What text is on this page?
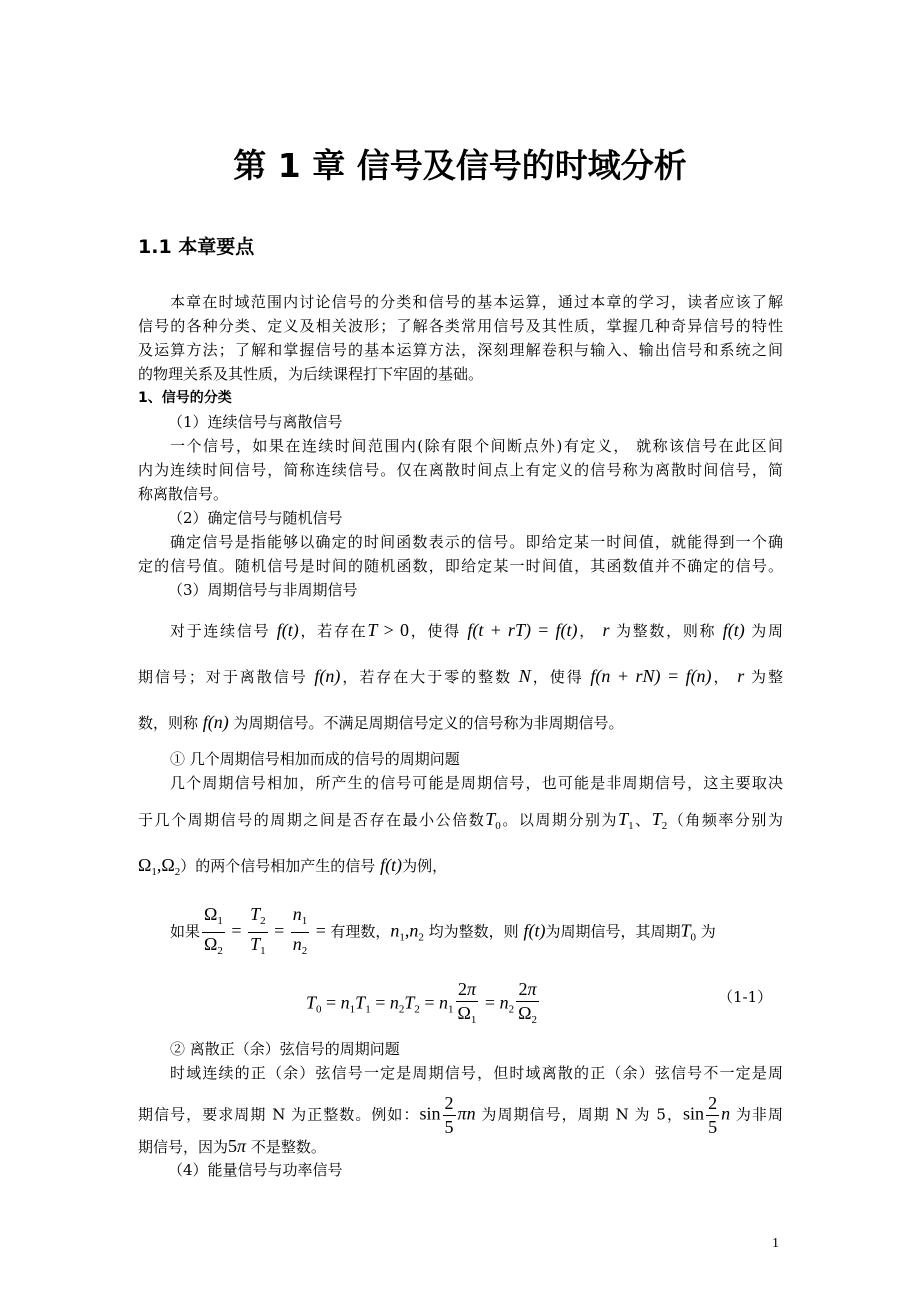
第 1 章 信号及信号的时域分析
1.1 本章要点
本章在时域范围内讨论信号的分类和信号的基本运算，通过本章的学习，读者应该了解
信号的各种分类、定义及相关波形；了解各类常用信号及其性质，掌握几种奇异信号的特性
及运算方法；了解和掌握信号的基本运算方法，深刻理解卷积与输入、输出信号和系统之间
的物理关系及其性质，为后续课程打下牢固的基础。
1、信号的分类
（1）连续信号与离散信号
一个信号，如果在连续时间范围内(除有限个间断点外)有定义， 就称该信号在此区间
内为连续时间信号，简称连续信号。仅在离散时间点上有定义的信号称为离散时间信号，简
称离散信号。
（2）确定信号与随机信号
确定信号是指能够以确定的时间函数表示的信号。即给定某一时间值，就能得到一个确
定的信号值。随机信号是时间的随机函数，即给定某一时间值，其函数值并不确定的信号。
（3）周期信号与非周期信号
对于连续信号 f(t)，若存在T > 0，使得 f(t + rT) = f(t)， r 为整数，则称 f(t) 为周
期信号；对于离散信号 f(n)，若存在大于零的整数 N，使得 f(n + rN) = f(n)， r 为整
数，则称 f(n) 为周期信号。不满足周期信号定义的信号称为非周期信号。
① 几个周期信号相加而成的信号的周期问题
几个周期信号相加，所产生的信号可能是周期信号，也可能是非周期信号，这主要取决
于几个周期信号的周期之间是否存在最小公倍数$T_0$。以周期分别为$T_1$、$T_2$（角频率分别为
$\Omega_1,\Omega_2$）的两个信号相加产生的信号 f(t)为例，
如果 $\frac{\Omega_1}{\Omega_2} = \frac{T_2}{T_1} = \frac{n_1}{n_2}$ = 有理数，$n_1,n_2$ 均为整数，则 f(t)为周期信号，其周期$T_0$ 为
$T_0 = n_1T_1 = n_2T_2 = n_1 \frac{2\pi}{\Omega_1} = n_2 \frac{2\pi}{\Omega_2}$	（1-1）
② 离散正（余）弦信号的周期问题
时域连续的正（余）弦信号一定是周期信号，但时域离散的正（余）弦信号不一定是周
期信号，要求周期 N 为正整数。例如：$\sin \frac{2}{5}$ πn 为周期信号，周期 N 为 5，$\sin \frac{2}{5}$ n 为非周
期信号，因为5π 不是整数。
（4）能量信号与功率信号
1
